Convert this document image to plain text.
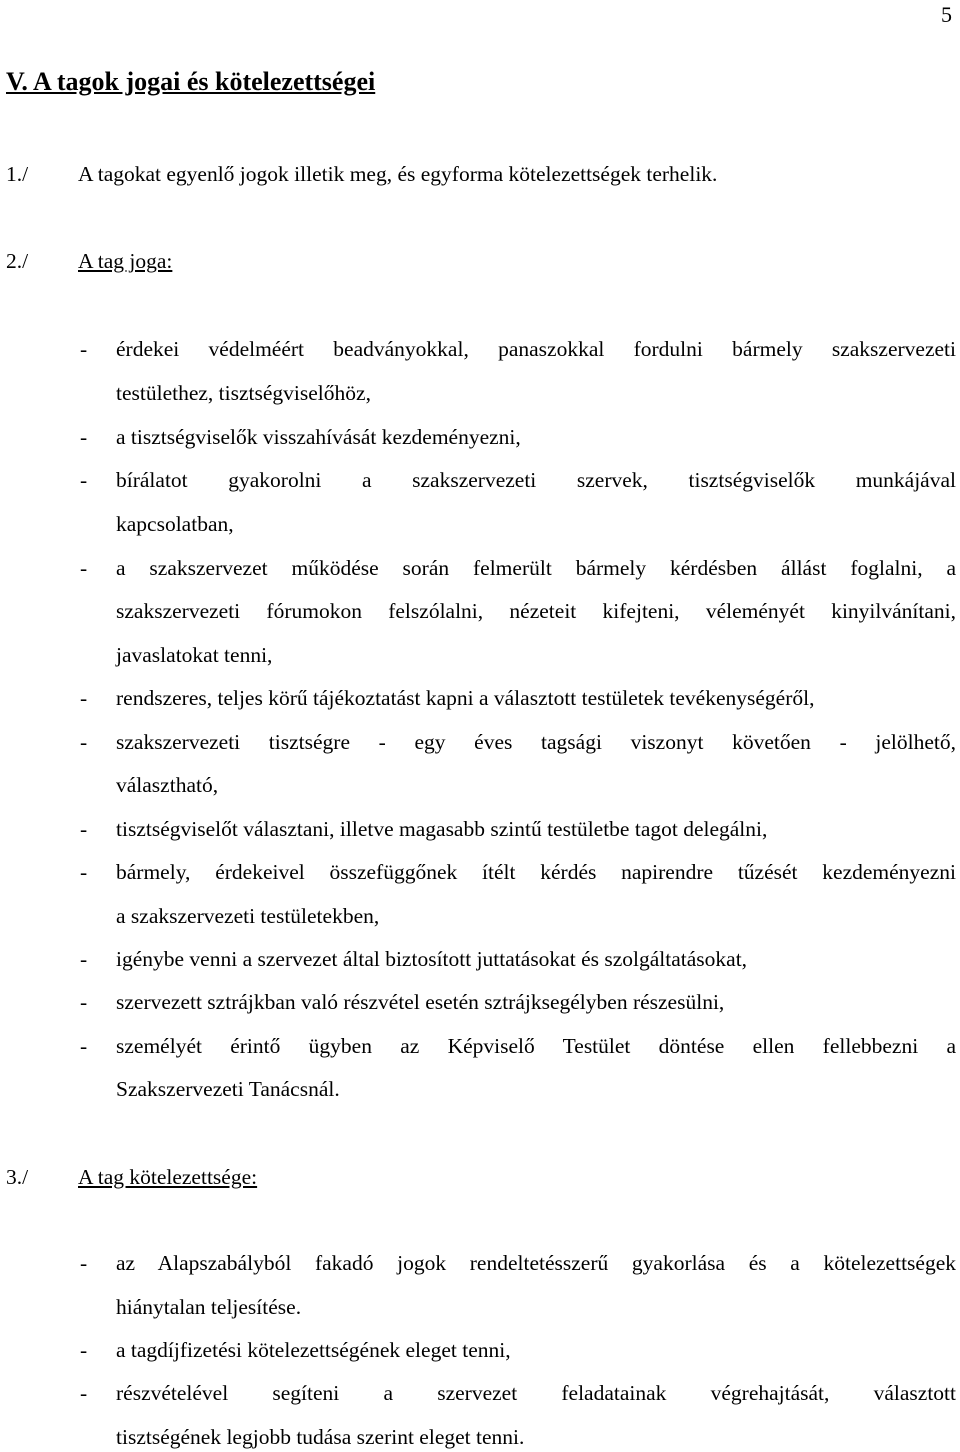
5
V. A tagok jogai és kötelezettségei
1./ A tagokat egyenlő jogok illetik meg, és egyforma kötelezettségek terhelik.
2./ A tag joga:
- érdekei védelméért beadványokkal, panaszokkal fordulni bármely szakszervezeti
testülethez, tisztségviselőhöz,
- a tisztségviselők visszahívását kezdeményezni,
- bírálatot gyakorolni a szakszervezeti szervek, tisztségviselők munkájával
kapcsolatban,
- a szakszervezet működése során felmerült bármely kérdésben állást foglalni, a
szakszervezeti fórumokon felszólalni, nézeteit kifejteni, véleményét kinyilvánítani,
javaslatokat tenni,
- rendszeres, teljes körű tájékoztatást kapni a választott testületek tevékenységéről,
- szakszervezeti tisztségre - egy éves tagsági viszonyt követően - jelölhető,
választható,
- tisztségviselőt választani, illetve magasabb szintű testületbe tagot delegálni,
- bármely, érdekeivel összefüggőnek ítélt kérdés napirendre tűzését kezdeményezni
a szakszervezeti testületekben,
- igénybe venni a szervezet által biztosított juttatásokat és szolgáltatásokat,
- szervezett sztrájkban való részvétel esetén sztrájksegélyben részesülni,
- személyét érintő ügyben az Képviselő Testület döntése ellen fellebbezni a
Szakszervezeti Tanácsnál.
3./ A tag kötelezettsége:
- az Alapszabályból fakadó jogok rendeltetésszerű gyakorlása és a kötelezettségek
hiánytalan teljesítése.
- a tagdíjfizetési kötelezettségének eleget tenni,
- részvételével segíteni a szervezet feladatainak végrehajtását, választott
tisztségének legjobb tudása szerint eleget tenni.
